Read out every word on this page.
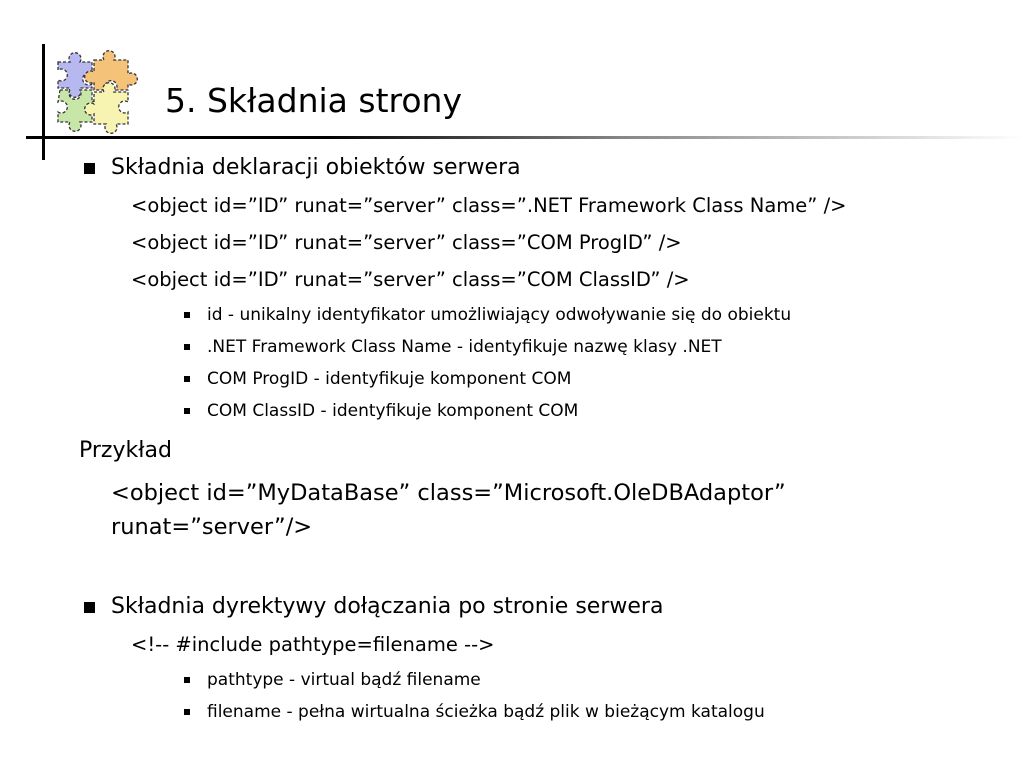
5. Składnia strony
Składnia deklaracji obiektów serwera
<object id=”ID” runat=”server” class=”.NET Framework Class Name” />
<object id=”ID” runat=”server” class=”COM ProgID” />
<object id=”ID” runat=”server” class=”COM ClassID” />
id - unikalny identyfikator umożliwiający odwoływanie się do obiektu
.NET Framework Class Name - identyfikuje nazwę klasy .NET
COM ProgID - identyfikuje komponent COM
COM ClassID - identyfikuje komponent COM
Przykład
<object id=”MyDataBase” class=”Microsoft.OleDBAdaptor”
runat=”server”/>
Składnia dyrektywy dołączania po stronie serwera
<!-- #include pathtype=filename -->
pathtype - virtual bądź filename
filename - pełna wirtualna ścieżka bądź plik w bieżącym katalogu
